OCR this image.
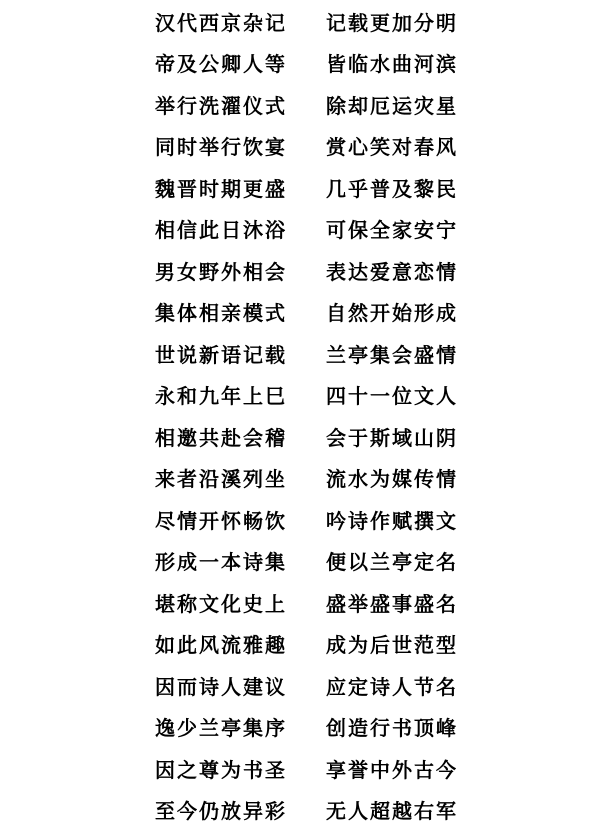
汉代西京杂记 记载更加分明
帝及公卿人等 皆临水曲河滨
举行洗濯仪式 除却厄运灾星
同时举行饮宴 赏心笑对春风
魏晋时期更盛 几乎普及黎民
相信此日沐浴 可保全家安宁
男女野外相会 表达爱意恋情
集体相亲模式 自然开始形成
世说新语记载 兰亭集会盛情
永和九年上巳 四十一位文人
相邀共赴会稽 会于斯域山阴
来者沿溪列坐 流水为媒传情
尽情开怀畅饮 吟诗作赋撰文
形成一本诗集 便以兰亭定名
堪称文化史上 盛举盛事盛名
如此风流雅趣 成为后世范型
因而诗人建议 应定诗人节名
逸少兰亭集序 创造行书顶峰
因之尊为书圣 享誉中外古今
至今仍放异彩 无人超越右军
